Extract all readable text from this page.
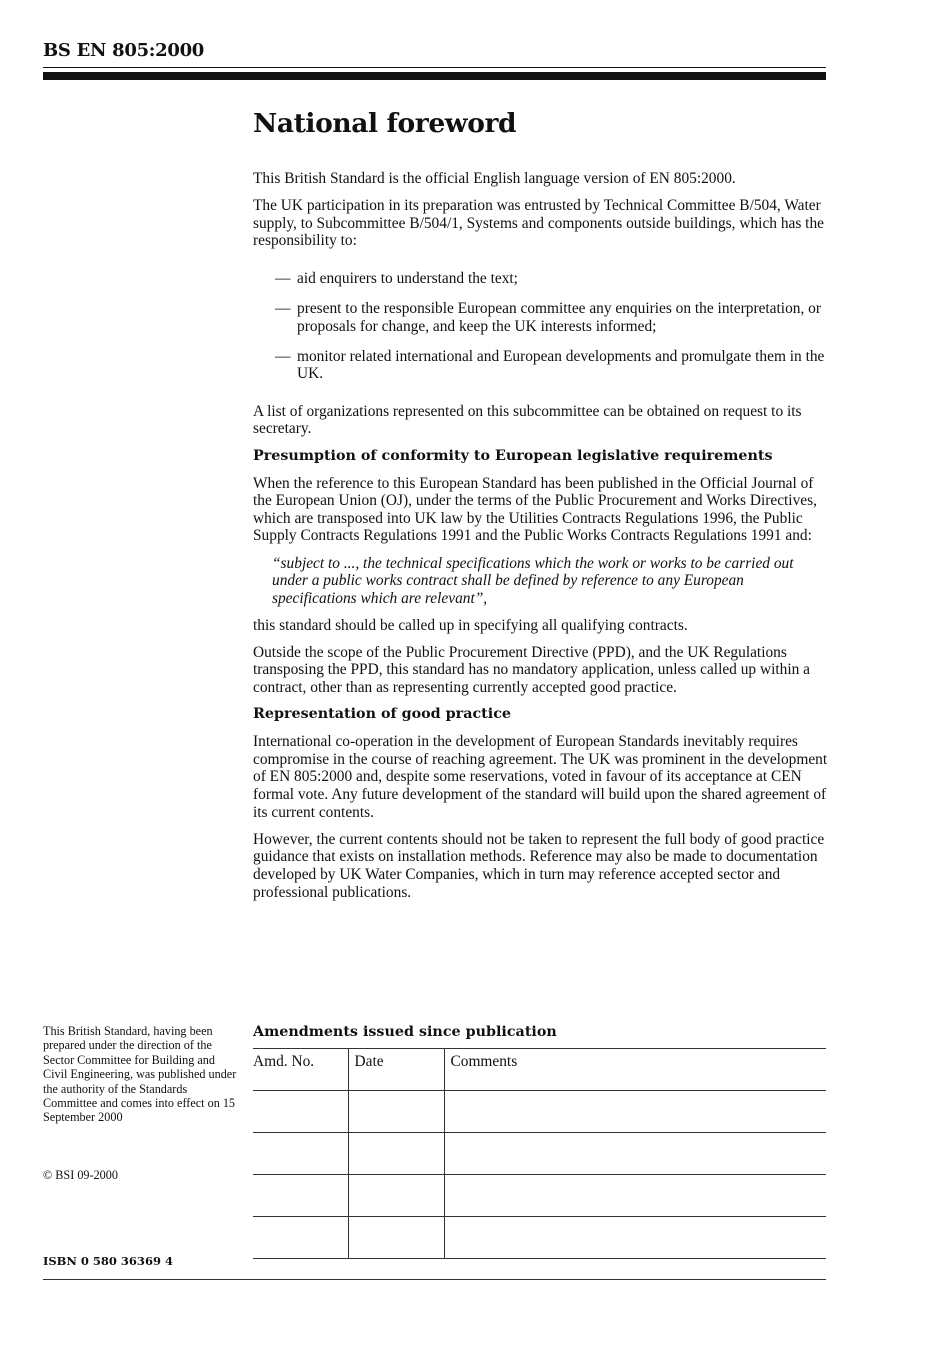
BS EN 805:2000
National foreword

This British Standard is the official English language version of EN 805:2000.

The UK participation in its preparation was entrusted by Technical Committee B/504, Water supply, to Subcommittee B/504/1, Systems and components outside buildings, which has the responsibility to:

— aid enquirers to understand the text;
— present to the responsible European committee any enquiries on the interpretation, or proposals for change, and keep the UK interests informed;
— monitor related international and European developments and promulgate them in the UK.

A list of organizations represented on this subcommittee can be obtained on request to its secretary.

Presumption of conformity to European legislative requirements

When the reference to this European Standard has been published in the Official Journal of the European Union (OJ), under the terms of the Public Procurement and Works Directives, which are transposed into UK law by the Utilities Contracts Regulations 1996, the Public Supply Contracts Regulations 1991 and the Public Works Contracts Regulations 1991 and:

“subject to ..., the technical specifications which the work or works to be carried out under a public works contract shall be defined by reference to any European specifications which are relevant”,

this standard should be called up in specifying all qualifying contracts.

Outside the scope of the Public Procurement Directive (PPD), and the UK Regulations transposing the PPD, this standard has no mandatory application, unless called up within a contract, other than as representing currently accepted good practice.

Representation of good practice

International co-operation in the development of European Standards inevitably requires compromise in the course of reaching agreement. The UK was prominent in the development of EN 805:2000 and, despite some reservations, voted in favour of its acceptance at CEN formal vote. Any future development of the standard will build upon the shared agreement of its current contents.

However, the current contents should not be taken to represent the full body of good practice guidance that exists on installation methods. Reference may also be made to documentation developed by UK Water Companies, which in turn may reference accepted sector and professional publications.

This British Standard, having been prepared under the direction of the Sector Committee for Building and Civil Engineering, was published under the authority of the Standards Committee and comes into effect on 15 September 2000
© BSI 09-2000
ISBN 0 580 36369 4
Amendments issued since publication
Amd. No.	Date	Comments
